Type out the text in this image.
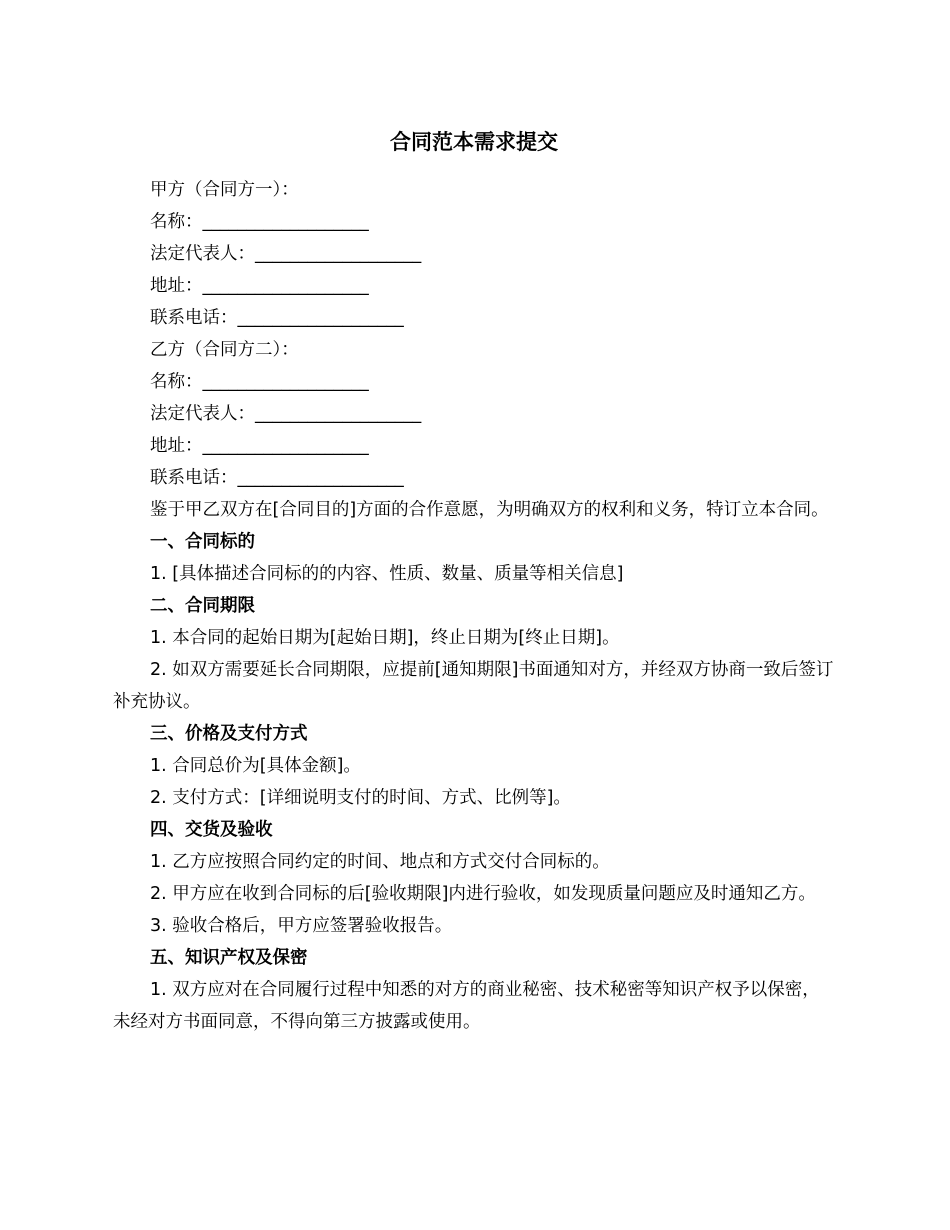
合同范本需求提交

甲方（合同方一）：

名称：___________________

法定代表人：___________________

地址：___________________

联系电话：___________________

乙方（合同方二）：

名称：___________________

法定代表人：___________________

地址：___________________

联系电话：___________________

鉴于甲乙双方在[合同目的]方面的合作意愿，为明确双方的权利和义务，特订立本合同。

一、合同标的

1. [具体描述合同标的的内容、性质、数量、质量等相关信息]

二、合同期限

1. 本合同的起始日期为[起始日期]，终止日期为[终止日期]。

2. 如双方需要延长合同期限，应提前[通知期限]书面通知对方，并经双方协商一致后签订补充协议。

三、价格及支付方式

1. 合同总价为[具体金额]。

2. 支付方式：[详细说明支付的时间、方式、比例等]。

四、交货及验收

1. 乙方应按照合同约定的时间、地点和方式交付合同标的。

2. 甲方应在收到合同标的后[验收期限]内进行验收，如发现质量问题应及时通知乙方。

3. 验收合格后，甲方应签署验收报告。

五、知识产权及保密

1. 双方应对在合同履行过程中知悉的对方的商业秘密、技术秘密等知识产权予以保密，未经对方书面同意，不得向第三方披露或使用。
